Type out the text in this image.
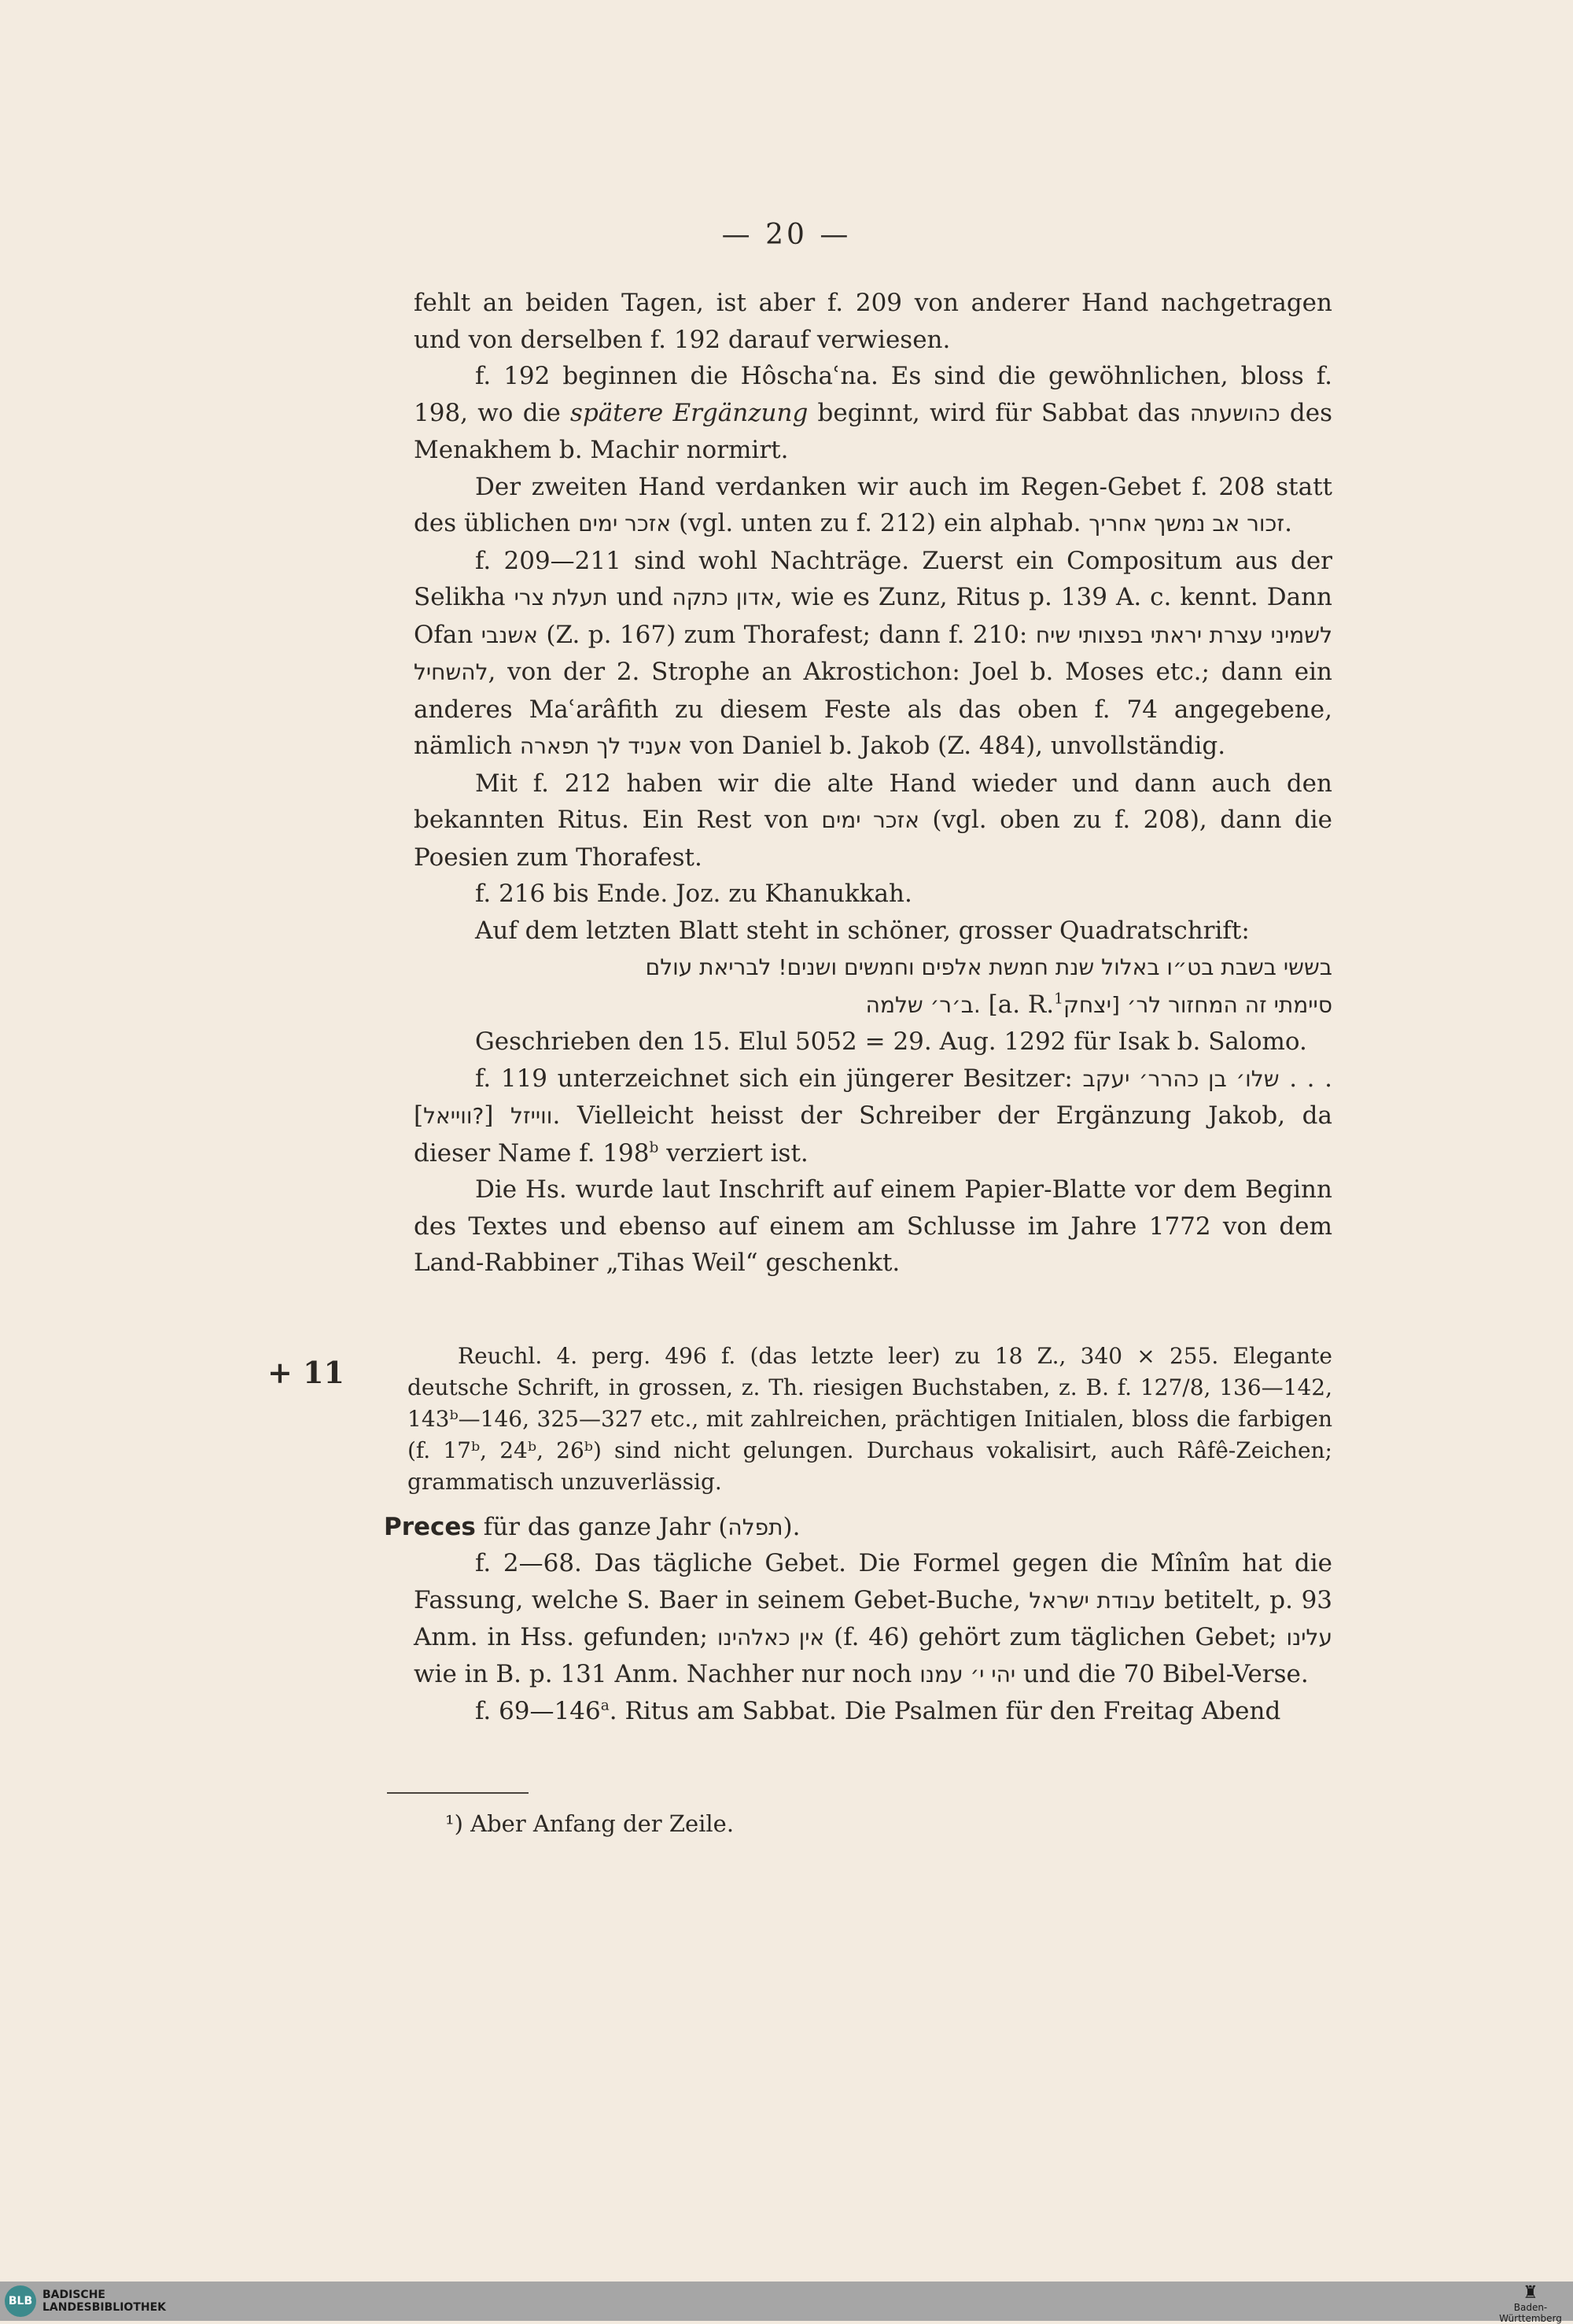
— 20 —

fehlt an beiden Tagen, ist aber f. 209 von anderer Hand nachgetragen und von derselben f. 192 darauf verwiesen.

f. 192 beginnen die Hôschaʿna. Es sind die gewöhnlichen, bloss f. 198, wo die spätere Ergänzung beginnt, wird für Sabbat das כהושעתה des Menakhem b. Machir normirt.

Der zweiten Hand verdanken wir auch im Regen-Gebet f. 208 statt des üblichen אזכר ימים (vgl. unten zu f. 212) ein alphab. זכור אב נמשך אחריך.

f. 209—211 sind wohl Nachträge. Zuerst ein Compositum aus der Selikha תעלת צרי und אדון כתקה, wie es Zunz, Ritus p. 139 A. c. kennt. Dann Ofan אשנבי (Z. p. 167) zum Thorafest; dann f. 210: לשמיני עצרת יראתי בפצותי שיח להשחיל, von der 2. Strophe an Akrostichon: Joel b. Moses etc.; dann ein anderes Maʿarâfith zu diesem Feste als das oben f. 74 angegebene, nämlich אעניד לך תפארה von Daniel b. Jakob (Z. 484), unvollständig.

Mit f. 212 haben wir die alte Hand wieder und dann auch den bekannten Ritus. Ein Rest von אזכר ימים (vgl. oben zu f. 208), dann die Poesien zum Thorafest.

f. 216 bis Ende. Joz. zu Khanukkah.

Auf dem letzten Blatt steht in schöner, grosser Quadratschrift:

בששי בשבת בט״ו באלול שנת חמשת אלפים וחמשים ושנים! לבריאת עולם

סיימתי זה המחזור לר׳ [יצחק$^1$ [a. R. ב׳ר׳ שלמה.

Geschrieben den 15. Elul 5052 = 29. Aug. 1292 für Isak b. Salomo.

f. 119 unterzeichnet sich ein jüngerer Besitzer: שלו׳ בן כהרר׳ יעקב . . . [ווייאל?] ווייזל. Vielleicht heisst der Schreiber der Ergänzung Jakob, da dieser Name f. 198$^b$ verziert ist.

Die Hs. wurde laut Inschrift auf einem Papier-Blatte vor dem Beginn des Textes und ebenso auf einem am Schlusse im Jahre 1772 von dem Land-Rabbiner „Tihas Weil“ geschenkt.

+ 11	Reuchl. 4. perg. 496 f. (das letzte leer) zu 18 Z., 340 ⨯ 255. Elegante deutsche Schrift, in grossen, z. Th. riesigen Buchstaben, z. B. f. 127/8, 136—142, 143ᵇ—146, 325—327 etc., mit zahlreichen, prächtigen Initialen, bloss die farbigen (f. 17ᵇ, 24ᵇ, 26ᵇ) sind nicht gelungen. Durchaus vokalisirt, auch Râfê-Zeichen; grammatisch unzuverlässig.

Preces für das ganze Jahr (תפלה).

f. 2—68. Das tägliche Gebet. Die Formel gegen die Mînîm hat die Fassung, welche S. Baer in seinem Gebet-Buche, עבודת ישראל betitelt, p. 93 Anm. in Hss. gefunden; אין כאלהינו (f. 46) gehört zum täglichen Gebet; עלינו wie in B. p. 131 Anm. Nachher nur noch יהי י׳ עמנו und die 70 Bibel-Verse.

f. 69—146$^a$. Ritus am Sabbat. Die Psalmen für den Freitag Abend

¹) Aber Anfang der Zeile.
BLB BADISCHE
LANDESBIBLIOTHEK
♜
Baden-Württemberg
